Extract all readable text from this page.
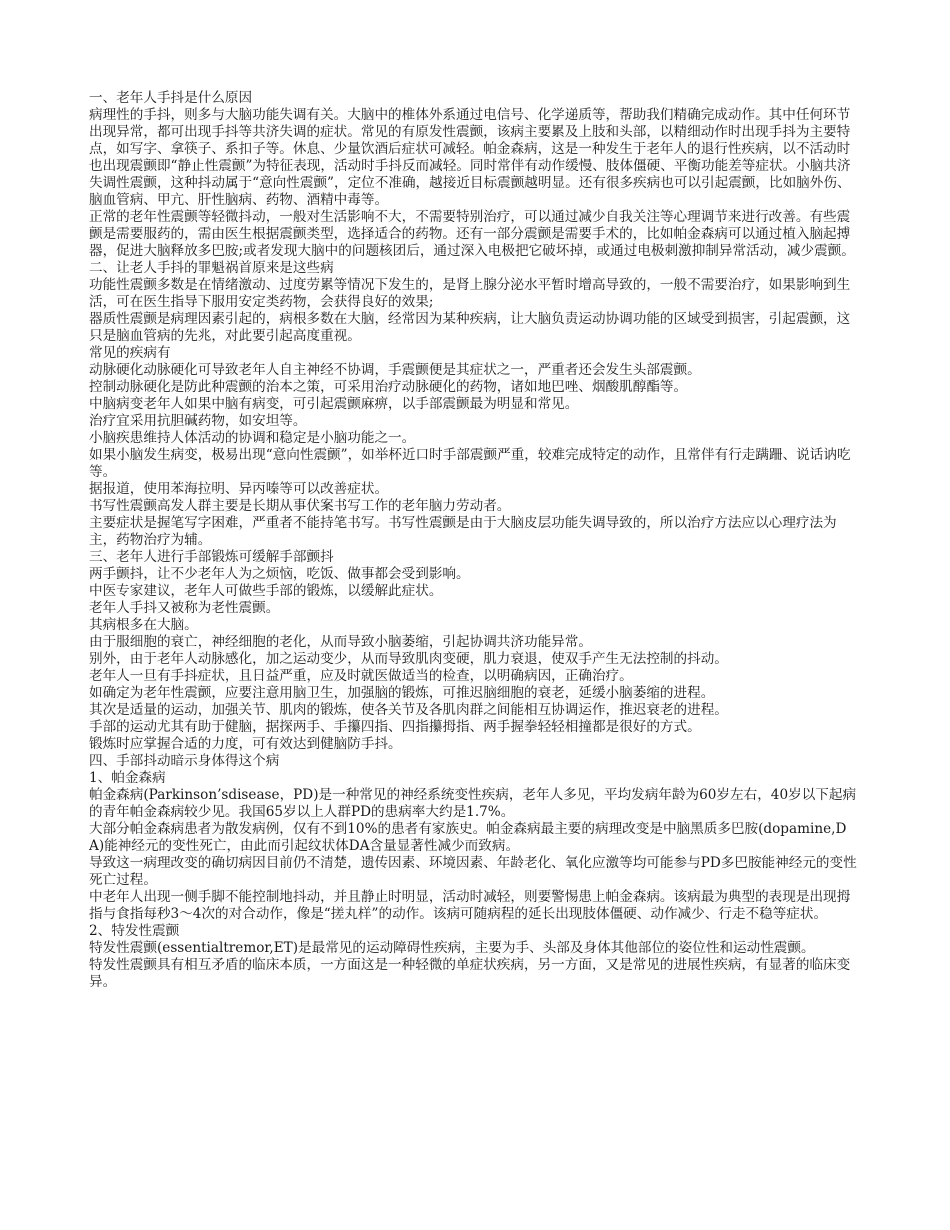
一、老年人手抖是什么原因

病理性的手抖，则多与大脑功能失调有关。大脑中的椎体外系通过电信号、化学递质等，帮助我们精确完成动作。其中任何环节出现异常，都可出现手抖等共济失调的症状。常见的有原发性震颤，该病主要累及上肢和头部，以精细动作时出现手抖为主要特点，如写字、拿筷子、系扣子等。休息、少量饮酒后症状可减轻。帕金森病，这是一种发生于老年人的退行性疾病，以不活动时也出现震颤即“静止性震颤”为特征表现，活动时手抖反而减轻。同时常伴有动作缓慢、肢体僵硬、平衡功能差等症状。小脑共济失调性震颤，这种抖动属于“意向性震颤”，定位不准确，越接近目标震颤越明显。还有很多疾病也可以引起震颤，比如脑外伤、脑血管病、甲亢、肝性脑病、药物、酒精中毒等。

正常的老年性震颤等轻微抖动，一般对生活影响不大，不需要特别治疗，可以通过减少自我关注等心理调节来进行改善。有些震颤是需要服药的，需由医生根据震颤类型，选择适合的药物。还有一部分震颤是需要手术的，比如帕金森病可以通过植入脑起搏器，促进大脑释放多巴胺;或者发现大脑中的问题核团后，通过深入电极把它破坏掉，或通过电极刺激抑制异常活动，减少震颤。

二、让老人手抖的罪魁祸首原来是这些病

功能性震颤多数是在情绪激动、过度劳累等情况下发生的，是肾上腺分泌水平暂时增高导致的，一般不需要治疗，如果影响到生活，可在医生指导下服用安定类药物，会获得良好的效果;

器质性震颤是病理因素引起的，病根多数在大脑，经常因为某种疾病，让大脑负责运动协调功能的区域受到损害，引起震颤，这只是脑血管病的先兆，对此要引起高度重视。

常见的疾病有

动脉硬化动脉硬化可导致老年人自主神经不协调，手震颤便是其症状之一，严重者还会发生头部震颤。

控制动脉硬化是防此种震颤的治本之策，可采用治疗动脉硬化的药物，诸如地巴唑、烟酸肌醇酯等。

中脑病变老年人如果中脑有病变，可引起震颤麻痹，以手部震颤最为明显和常见。

治疗宜采用抗胆碱药物，如安坦等。

小脑疾患维持人体活动的协调和稳定是小脑功能之一。

如果小脑发生病变，极易出现“意向性震颤”，如举杯近口时手部震颤严重，较难完成特定的动作，且常伴有行走蹒跚、说话讷吃等。

据报道，使用苯海拉明、异丙嗪等可以改善症状。

书写性震颤高发人群主要是长期从事伏案书写工作的老年脑力劳动者。

主要症状是握笔写字困难，严重者不能持笔书写。书写性震颤是由于大脑皮层功能失调导致的，所以治疗方法应以心理疗法为主，药物治疗为辅。

三、老年人进行手部锻炼可缓解手部颤抖

两手颤抖，让不少老年人为之烦恼，吃饭、做事都会受到影响。

中医专家建议，老年人可做些手部的锻炼，以缓解此症状。

老年人手抖又被称为老性震颤。

其病根多在大脑。

由于服细胞的衰亡，神经细胞的老化，从而导致小脑萎缩，引起协调共济功能异常。

别外，由于老年人动脉感化，加之运动变少，从而导致肌肉变硬，肌力衰退，使双手产生无法控制的抖动。

老年人一旦有手抖症状，且日益严重，应及时就医做适当的检查，以明确病因，正确治疗。

如确定为老年性震颤，应要注意用脑卫生，加强脑的锻炼，可推迟脑细胞的衰老，延缓小脑萎缩的进程。

其次是适量的运动，加强关节、肌肉的锻炼，使各关节及各肌肉群之间能相互协调运作，推迟衰老的进程。

手部的运动尤其有助于健脑，据探两手、手攥四指、四指攥拇指、两手握拳轻轻相撞都是很好的方式。

锻炼时应掌握合适的力度，可有效达到健脑防手抖。

四、手部抖动暗示身体得这个病

1、帕金森病

帕金森病(Parkinson’sdisease，PD)是一种常见的神经系统变性疾病，老年人多见，平均发病年龄为60岁左右，40岁以下起病的青年帕金森病较少见。我国65岁以上人群PD的患病率大约是1.7%。

大部分帕金森病患者为散发病例，仅有不到10%的患者有家族史。帕金森病最主要的病理改变是中脑黑质多巴胺(dopamine,DA)能神经元的变性死亡，由此而引起纹状体DA含量显著性减少而致病。

导致这一病理改变的确切病因目前仍不清楚，遗传因素、环境因素、年龄老化、氧化应激等均可能参与PD多巴胺能神经元的变性死亡过程。

中老年人出现一侧手脚不能控制地抖动，并且静止时明显，活动时减轻，则要警惕患上帕金森病。该病最为典型的表现是出现拇指与食指每秒3～4次的对合动作，像是“搓丸样”的动作。该病可随病程的延长出现肢体僵硬、动作减少、行走不稳等症状。

2、特发性震颤

特发性震颤(essentialtremor,ET)是最常见的运动障碍性疾病，主要为手、头部及身体其他部位的姿位性和运动性震颤。

特发性震颤具有相互矛盾的临床本质，一方面这是一种轻微的单症状疾病，另一方面，又是常见的进展性疾病，有显著的临床变异。
